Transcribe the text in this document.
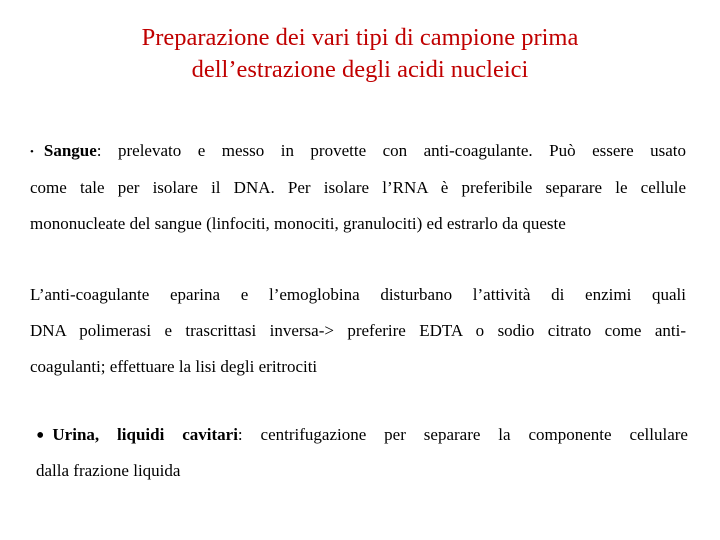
Preparazione dei vari tipi di campione prima
dell’estrazione degli acidi nucleici
• Sangue: prelevato e messo in provette con anti-coagulante. Può essere usato
come tale per isolare il DNA. Per isolare l’RNA è preferibile separare le cellule
mononucleate del sangue (linfociti, monociti, granulociti) ed estrarlo da queste
L’anti-coagulante eparina e l’emoglobina disturbano l’attività di enzimi quali
DNA polimerasi e trascrittasi inversa-> preferire EDTA o sodio citrato come anti-
coagulanti; effettuare la lisi degli eritrociti
• Urina, liquidi cavitari: centrifugazione per separare la componente cellulare
dalla frazione liquida
